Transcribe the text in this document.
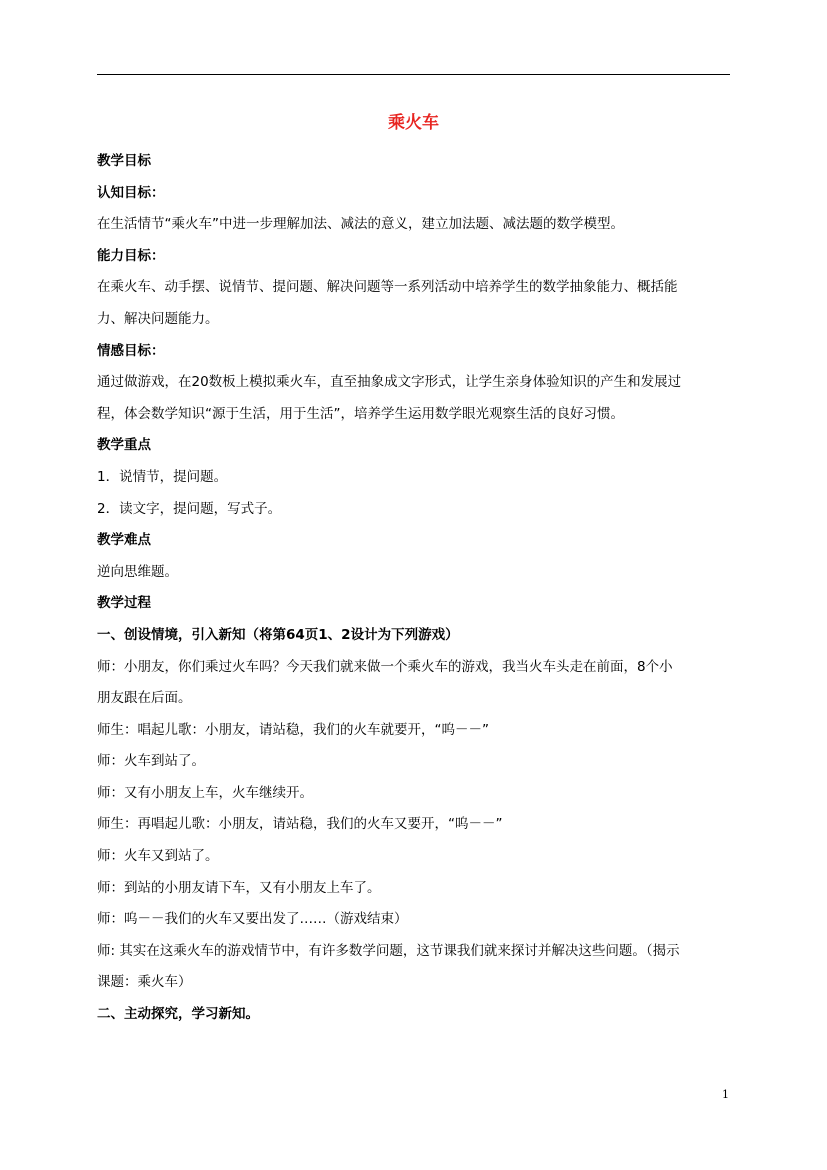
乘火车
教学目标
认知目标：
在生活情节“乘火车”中进一步理解加法、减法的意义，建立加法题、减法题的数学模型。
能力目标：
在乘火车、动手摆、说情节、提问题、解决问题等一系列活动中培养学生的数学抽象能力、概括能
力、解决问题能力。
情感目标：
通过做游戏，在20数板上模拟乘火车，直至抽象成文字形式，让学生亲身体验知识的产生和发展过
程，体会数学知识“源于生活，用于生活”，培养学生运用数学眼光观察生活的良好习惯。
教学重点
1．说情节，提问题。
2．读文字，提问题，写式子。
教学难点
逆向思维题。
教学过程
一、创设情境，引入新知（将第64页1、2设计为下列游戏）
师：小朋友，你们乘过火车吗？今天我们就来做一个乘火车的游戏，我当火车头走在前面，8个小
朋友跟在后面。
师生：唱起儿歌：小朋友，请站稳，我们的火车就要开，“呜－－”
师：火车到站了。
师：又有小朋友上车，火车继续开。
师生：再唱起儿歌：小朋友，请站稳，我们的火车又要开，“呜－－”
师：火车又到站了。
师：到站的小朋友请下车，又有小朋友上车了。
师：呜－－我们的火车又要出发了……（游戏结束）
师: 其实在这乘火车的游戏情节中，有许多数学问题，这节课我们就来探讨并解决这些问题。（揭示
课题：乘火车）
二、主动探究，学习新知。
1
